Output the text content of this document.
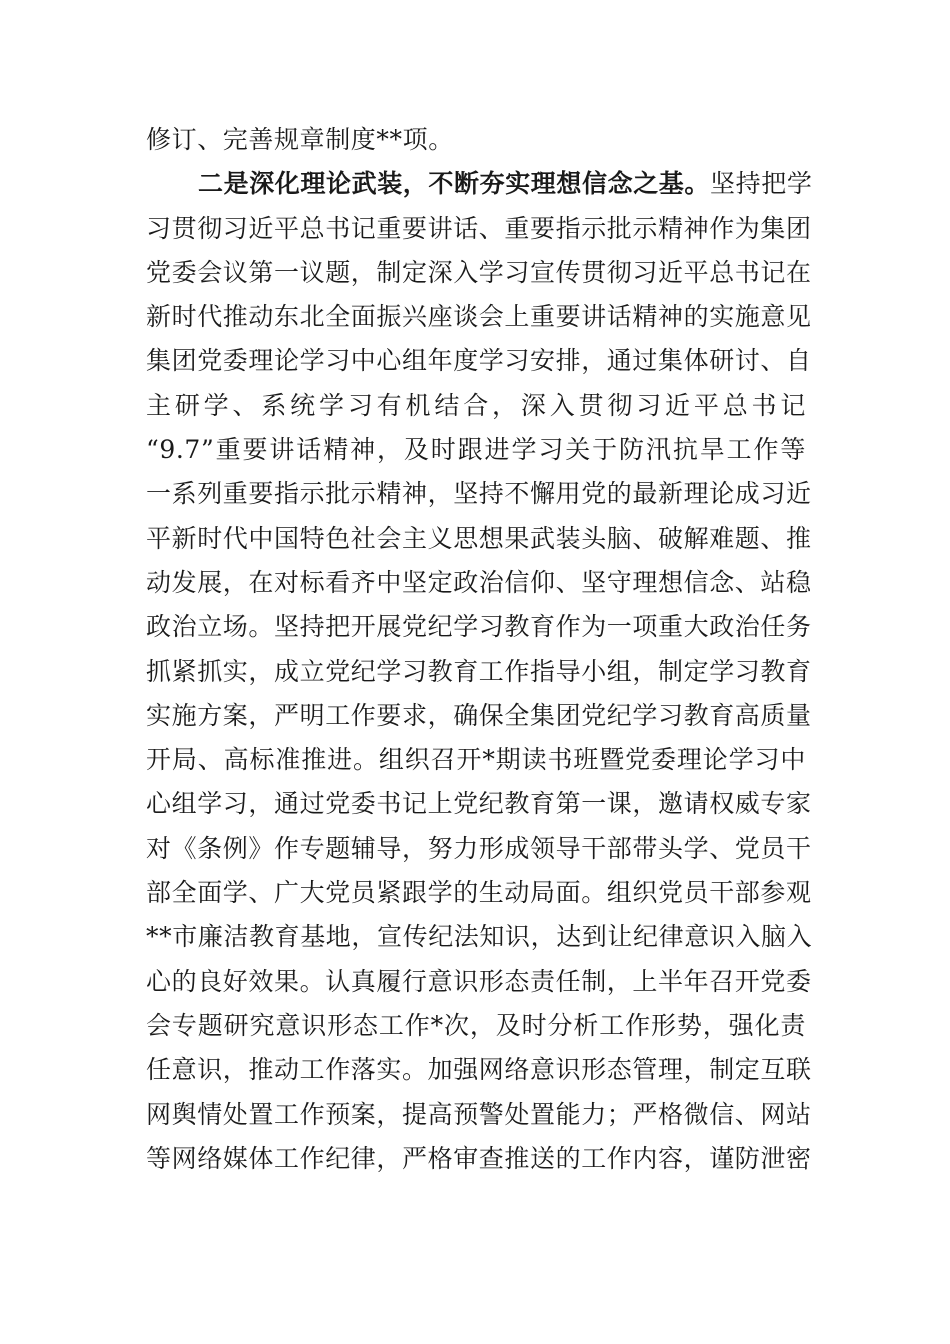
修订、完善规章制度**项。
二是深化理论武装，不断夯实理想信念之基。坚持把学
习贯彻习近平总书记重要讲话、重要指示批示精神作为集团
党委会议第一议题，制定深入学习宣传贯彻习近平总书记在
新时代推动东北全面振兴座谈会上重要讲话精神的实施意见
集团党委理论学习中心组年度学习安排，通过集体研讨、自
主研学、系统学习有机结合，深入贯彻习近平总书记
“9.7”重要讲话精神，及时跟进学习关于防汛抗旱工作等
一系列重要指示批示精神，坚持不懈用党的最新理论成习近
平新时代中国特色社会主义思想果武装头脑、破解难题、推
动发展，在对标看齐中坚定政治信仰、坚守理想信念、站稳
政治立场。坚持把开展党纪学习教育作为一项重大政治任务
抓紧抓实，成立党纪学习教育工作指导小组，制定学习教育
实施方案，严明工作要求，确保全集团党纪学习教育高质量
开局、高标准推进。组织召开*期读书班暨党委理论学习中
心组学习，通过党委书记上党纪教育第一课，邀请权威专家
对《条例》作专题辅导，努力形成领导干部带头学、党员干
部全面学、广大党员紧跟学的生动局面。组织党员干部参观
**市廉洁教育基地，宣传纪法知识，达到让纪律意识入脑入
心的良好效果。认真履行意识形态责任制，上半年召开党委
会专题研究意识形态工作*次，及时分析工作形势，强化责
任意识，推动工作落实。加强网络意识形态管理，制定互联
网舆情处置工作预案，提高预警处置能力；严格微信、网站
等网络媒体工作纪律，严格审查推送的工作内容，谨防泄密
